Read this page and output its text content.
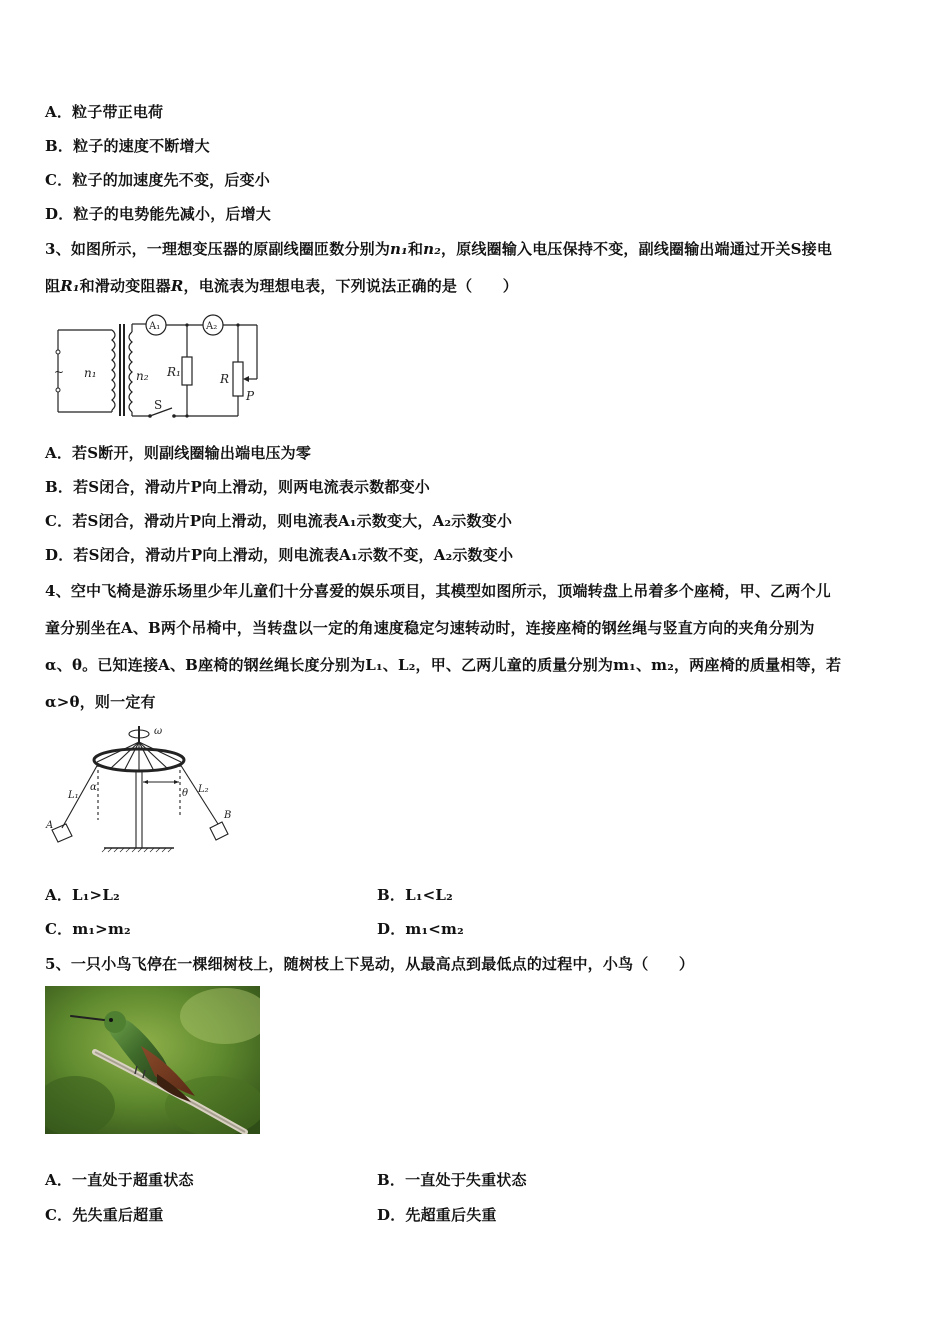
A．粒子带正电荷
B．粒子的速度不断增大
C．粒子的加速度先不变，后变小
D．粒子的电势能先减小，后增大
3、如图所示，一理想变压器的原副线圈匝数分别为n₁和n₂，原线圈输入电压保持不变，副线圈输出端通过开关S接电
阻R₁和滑动变阻器R，电流表为理想电表，下列说法正确的是（　　）
~ n₁	n₂
A₁	A₂
R₁	R
P
S
A．若S断开，则副线圈输出端电压为零
B．若S闭合，滑动片P向上滑动，则两电流表示数都变小
C．若S闭合，滑动片P向上滑动，则电流表A₁示数变大，A₂示数变小
D．若S闭合，滑动片P向上滑动，则电流表A₁示数不变，A₂示数变小
4、空中飞椅是游乐场里少年儿童们十分喜爱的娱乐项目，其模型如图所示，顶端转盘上吊着多个座椅，甲、乙两个儿
童分别坐在A、B两个吊椅中，当转盘以一定的角速度稳定匀速转动时，连接座椅的钢丝绳与竖直方向的夹角分别为
α、θ。已知连接A、B座椅的钢丝绳长度分别为L₁、L₂，甲、乙两儿童的质量分别为m₁、m₂，两座椅的质量相等，若
α>θ，则一定有
ω
L₁
L₂
α
θ
A
B
A．L₁>L₂	B．L₁<L₂
C．m₁>m₂	D．m₁<m₂
5、一只小鸟飞停在一棵细树枝上，随树枝上下晃动，从最高点到最低点的过程中，小鸟（　　）
A．一直处于超重状态	B．一直处于失重状态
C．先失重后超重	D．先超重后失重
